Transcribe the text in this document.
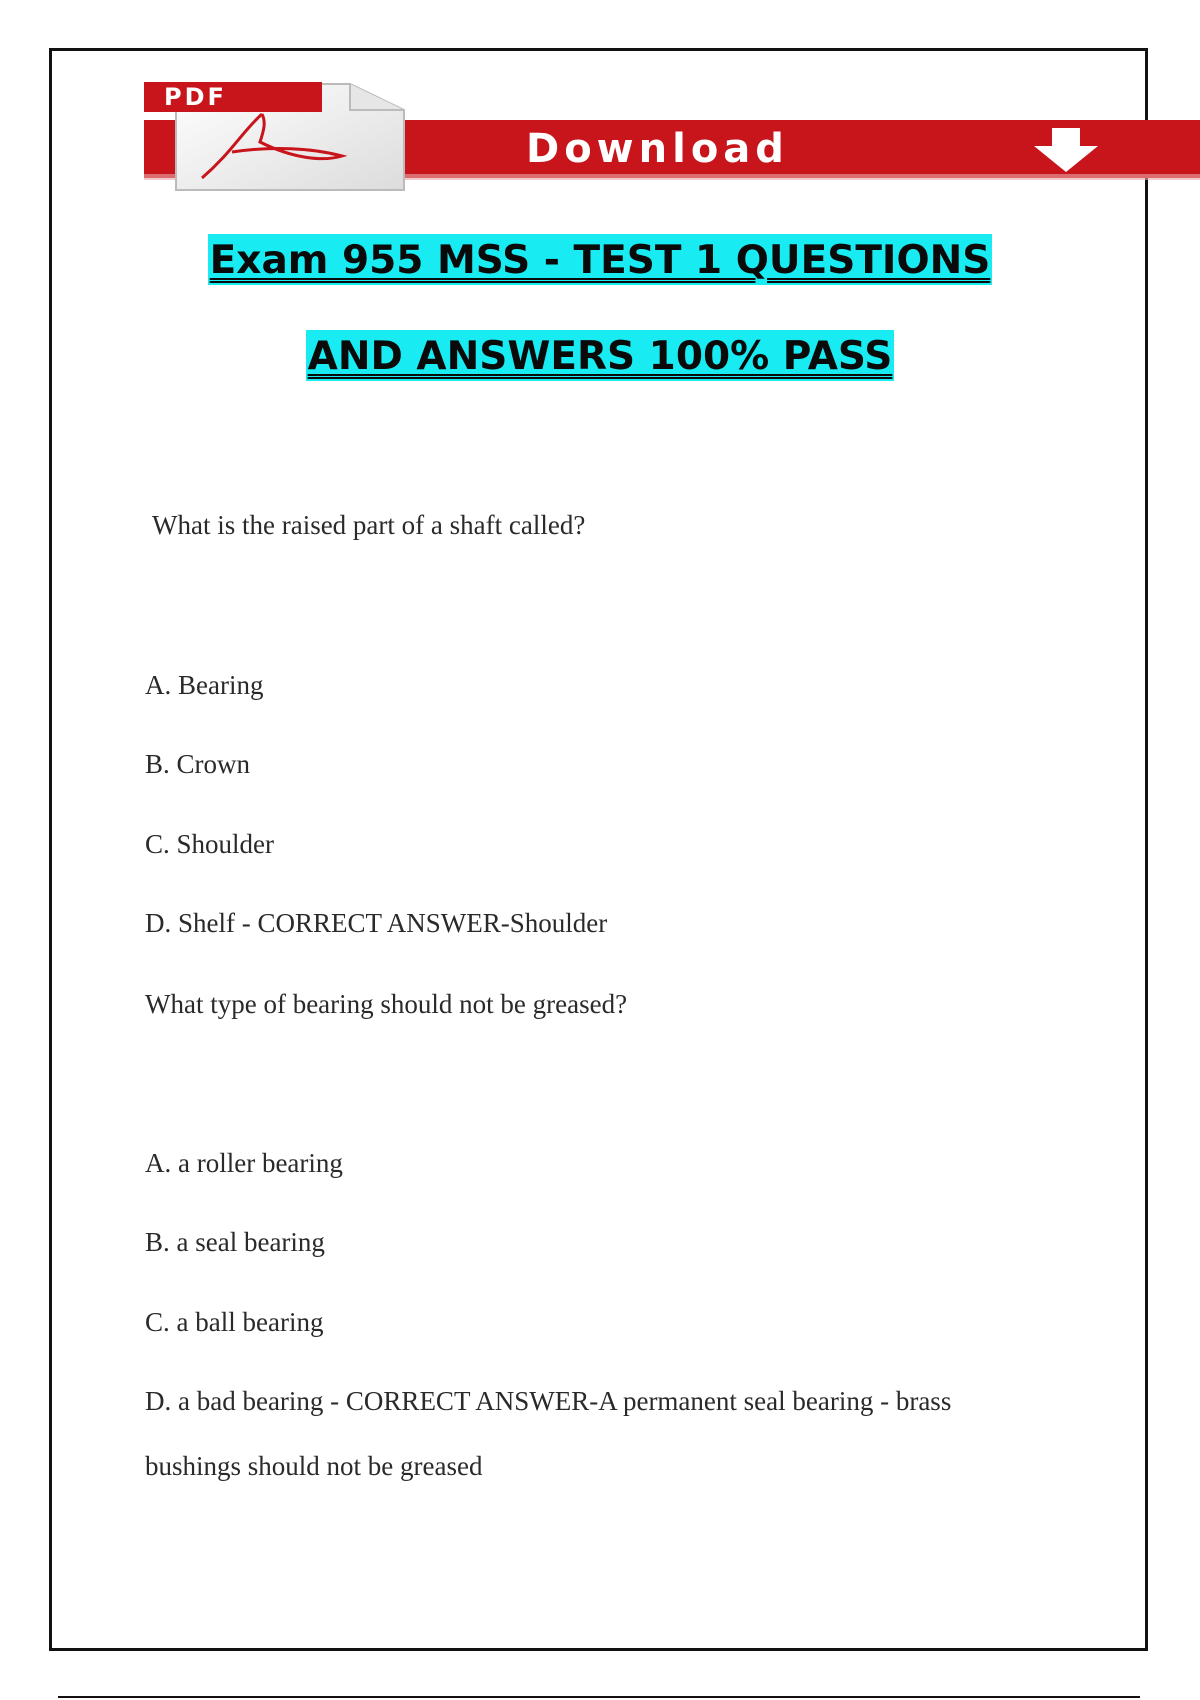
Download
PDF
Exam 955 MSS - TEST 1 QUESTIONS
AND ANSWERS 100% PASS
What is the raised part of a shaft called?
A. Bearing
B. Crown
C. Shoulder
D. Shelf - CORRECT ANSWER-Shoulder
What type of bearing should not be greased?
A. a roller bearing
B. a seal bearing
C. a ball bearing
D. a bad bearing - CORRECT ANSWER-A permanent seal bearing - brass
bushings should not be greased
